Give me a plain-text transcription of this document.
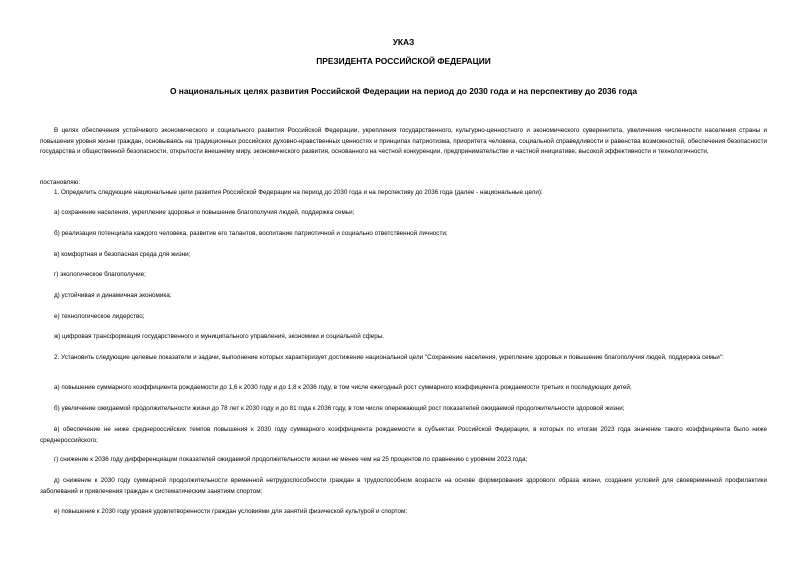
УКАЗ
ПРЕЗИДЕНТА РОССИЙСКОЙ ФЕДЕРАЦИИ
О национальных целях развития Российской Федерации на период до 2030 года и на перспективу до 2036 года
В целях обеспечения устойчивого экономического и социального развития Российской Федерации, укрепления государственного, культурно-ценностного и экономического суверенитета, увеличения численности населения страны и повышения уровня жизни граждан, основываясь на традиционных российских духовно-нравственных ценностях и принципах патриотизма, приоритета человека, социальной справедливости и равенства возможностей, обеспечения безопасности государства и общественной безопасности, открытости внешнему миру, экономического развития, основанного на честной конкуренции, предпринимательстве и частной инициативе, высокой эффективности и технологичности,
постановляю:
1. Определить следующие национальные цели развития Российской Федерации на период до 2030 года и на перспективу до 2036 года (далее - национальные цели):
а) сохранение населения, укрепление здоровья и повышение благополучия людей, поддержка семьи;
б) реализация потенциала каждого человека, развитие его талантов, воспитание патриотичной и социально ответственной личности;
в) комфортная и безопасная среда для жизни;
г) экологическое благополучие;
д) устойчивая и динамичная экономика;
е) технологическое лидерство;
ж) цифровая трансформация государственного и муниципального управления, экономики и социальной сферы.
2. Установить следующие целевые показатели и задачи, выполнение которых характеризует достижение национальной цели "Сохранение населения, укрепление здоровья и повышение благополучия людей, поддержка семьи":
а) повышение суммарного коэффициента рождаемости до 1,6 к 2030 году и до 1,8 к 2036 году, в том числе ежегодный рост суммарного коэффициента рождаемости третьих и последующих детей;
б) увеличение ожидаемой продолжительности жизни до 78 лет к 2030 году и до 81 года к 2036 году, в том числе опережающий рост показателей ожидаемой продолжительности здоровой жизни;
в) обеспечение не ниже среднероссийских темпов повышения к 2030 году суммарного коэффициента рождаемости в субъектах Российской Федерации, в которых по итогам 2023 года значение такого коэффициента было ниже среднероссийского;
г) снижение к 2036 году дифференциации показателей ожидаемой продолжительности жизни не менее чем на 25 процентов по сравнению с уровнем 2023 года;
д) снижение к 2030 году суммарной продолжительности временной нетрудоспособности граждан в трудоспособном возрасте на основе формирования здорового образа жизни, создания условий для своевременной профилактики заболеваний и привлечения граждан к систематическим занятиям спортом;
е) повышение к 2030 году уровня удовлетворенности граждан условиями для занятий физической культурой и спортом;
